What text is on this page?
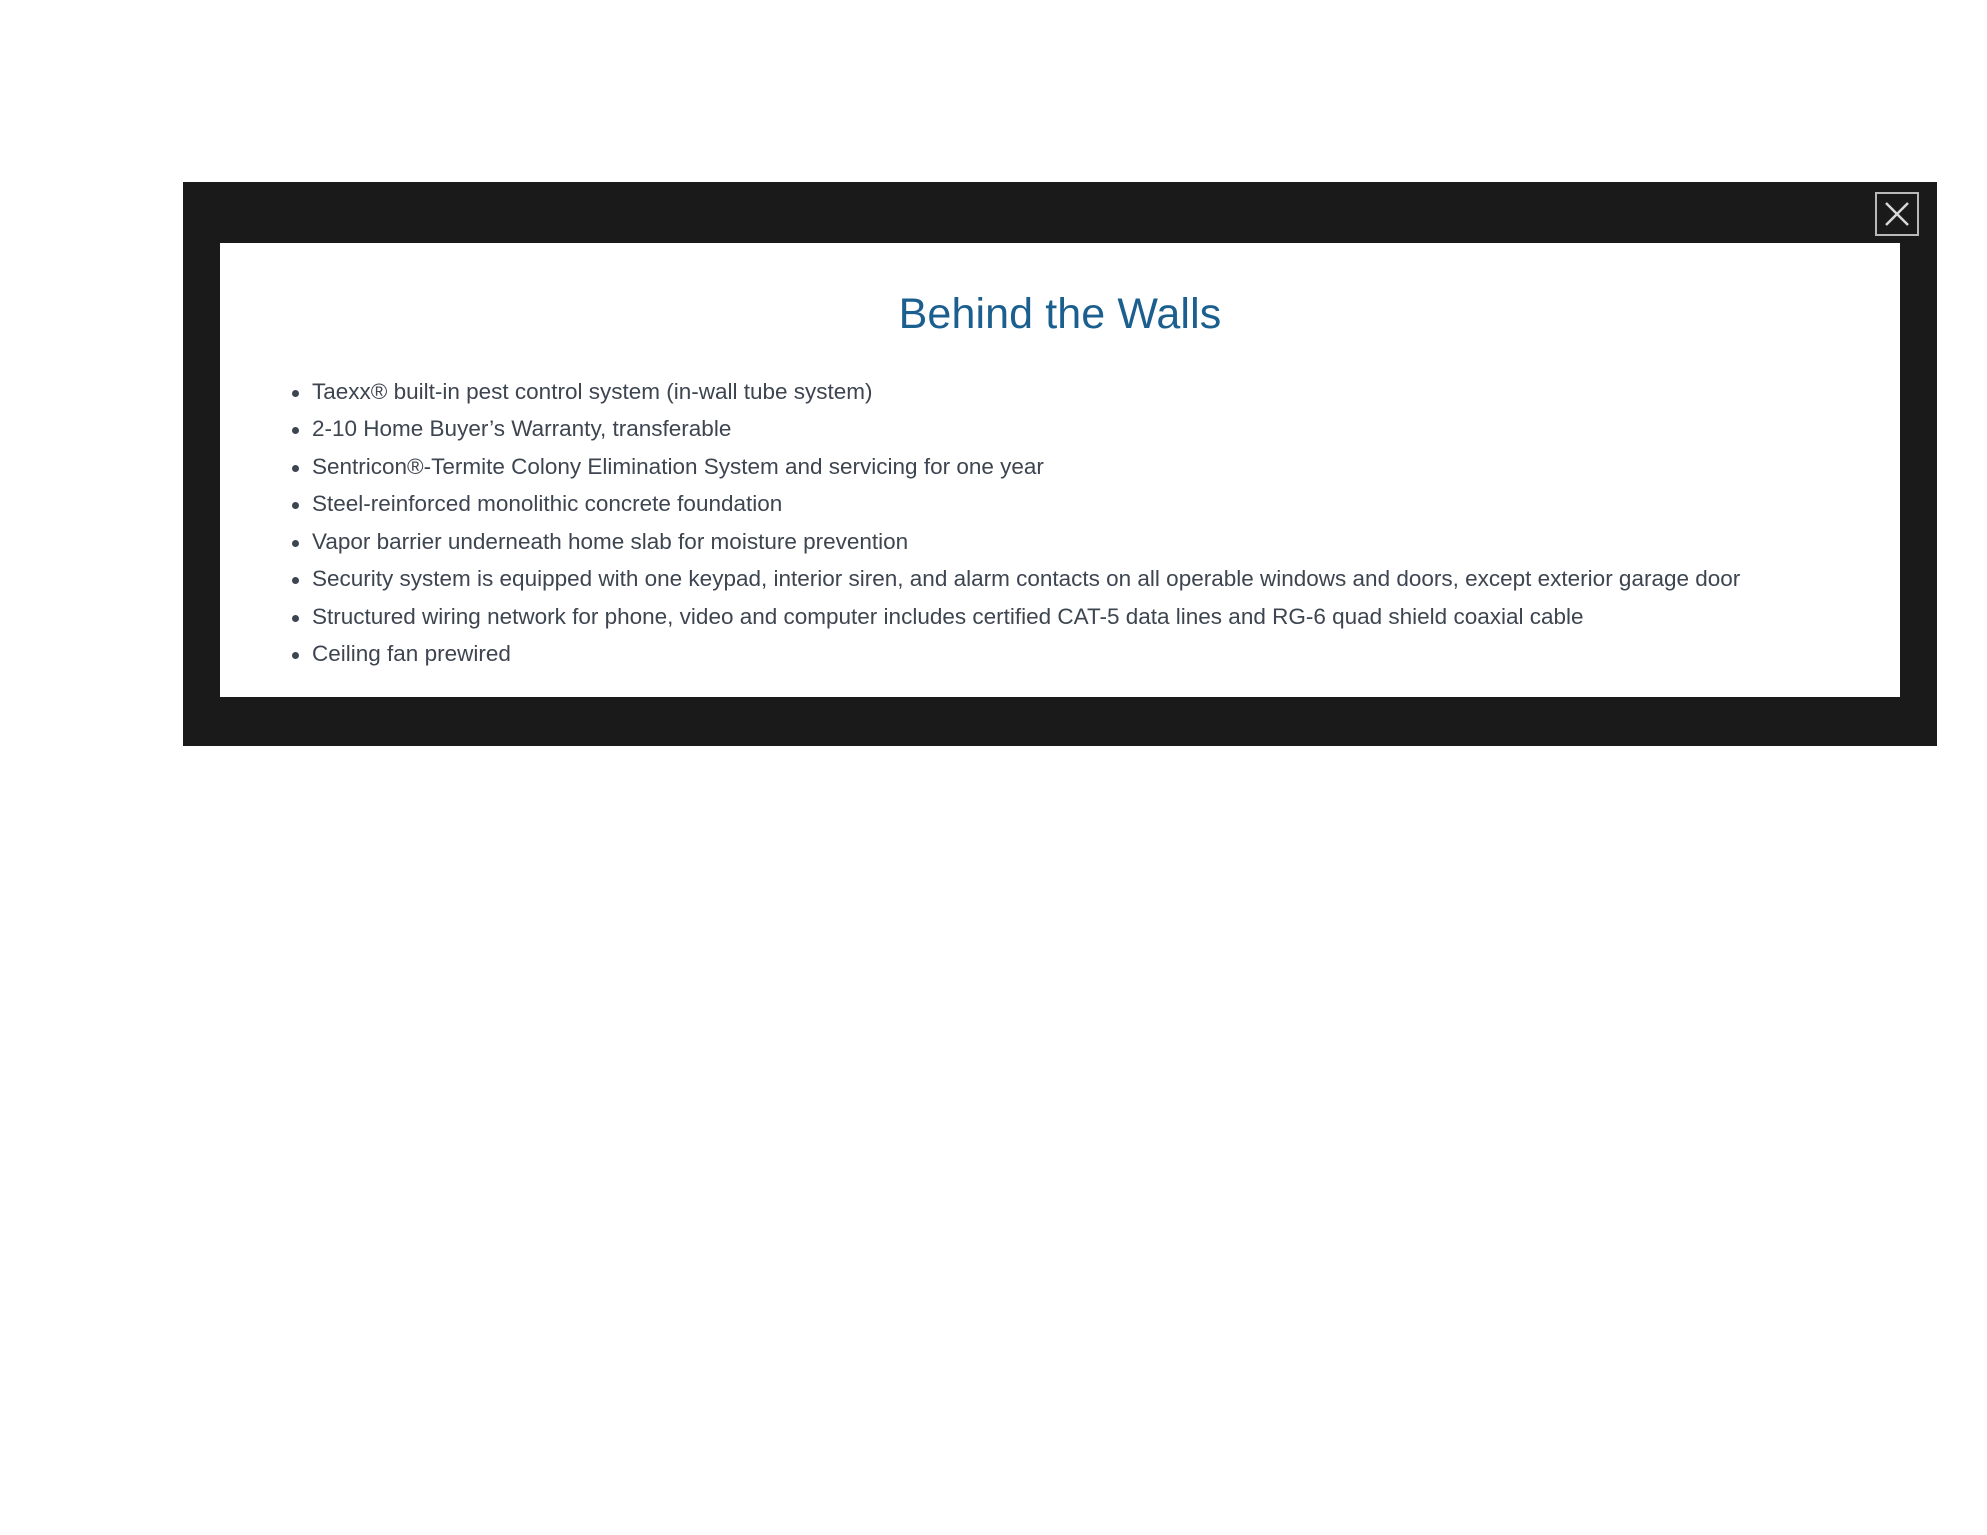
Behind the Walls
Taexx® built-in pest control system (in-wall tube system)
2-10 Home Buyer’s Warranty, transferable
Sentricon®-Termite Colony Elimination System and servicing for one year
Steel-reinforced monolithic concrete foundation
Vapor barrier underneath home slab for moisture prevention
Security system is equipped with one keypad, interior siren, and alarm contacts on all operable windows and doors, except exterior garage door
Structured wiring network for phone, video and computer includes certified CAT-5 data lines and RG-6 quad shield coaxial cable
Ceiling fan prewired
